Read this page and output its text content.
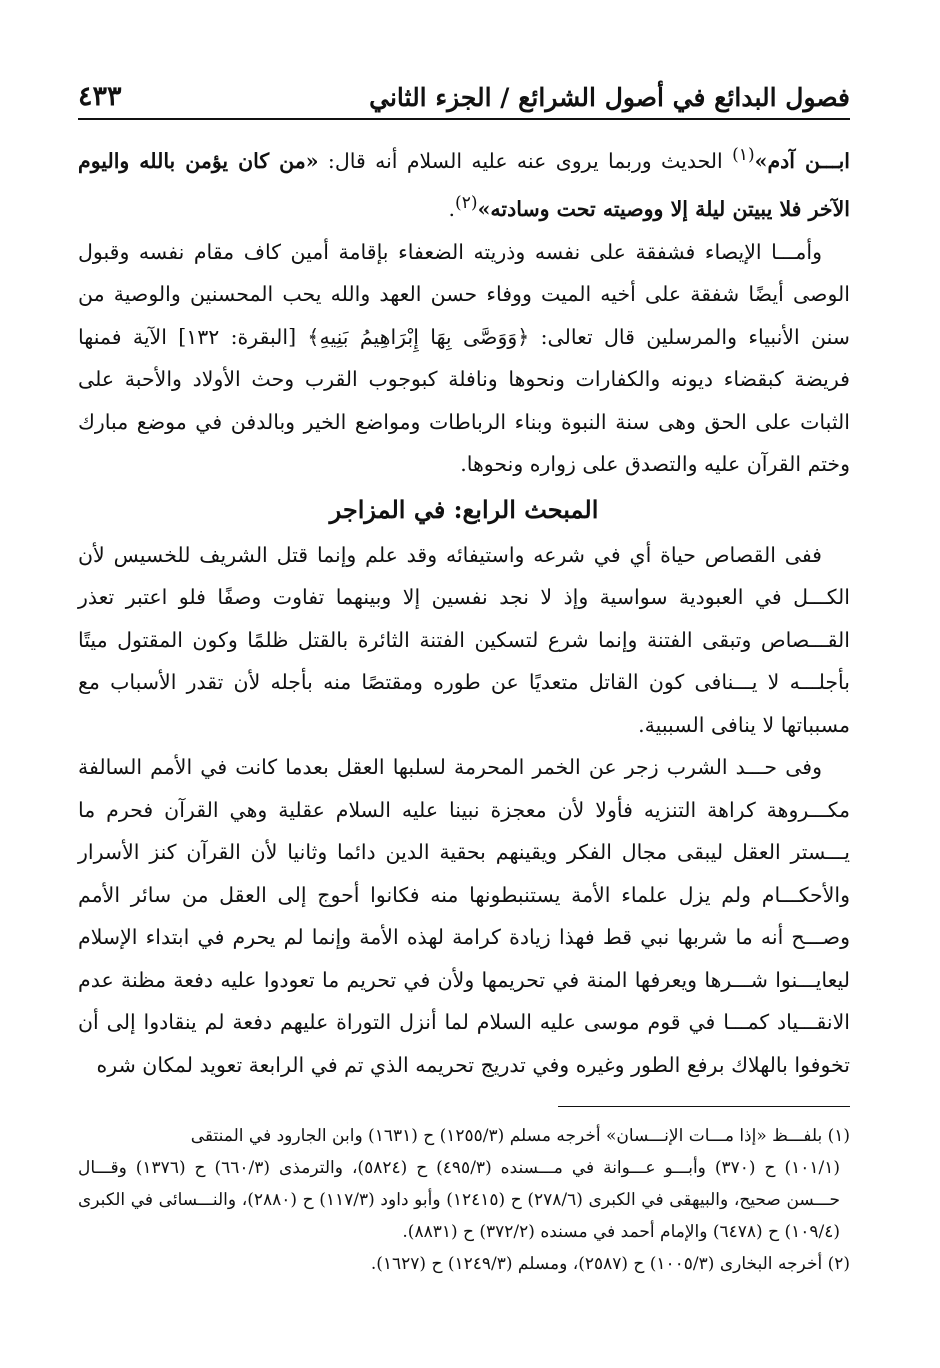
فصول البدائع في أصول الشرائع / الجزء الثاني
٤٣٣

ابـــن آدم»$^{(١)}$ الحديث وربما يروى عنه عليه السلام أنه قال: «من كان يؤمن بالله واليوم الآخر فلا يبيتن ليلة إلا ووصيته تحت وسادته»$^{(٢)}$.

وأمـــا الإيصاء فشفقة على نفسه وذريته الضعفاء بإقامة أمين كاف مقام نفسه وقبول الوصى أيضًا شفقة على أخيه الميت ووفاء حسن العهد والله يحب المحسنين والوصية من سنن الأنبياء والمرسلين قال تعالى: ﴿وَوَصَّى بِهَا إِبْرَاهِيمُ بَنِيهِ﴾ [البقرة: ١٣٢] الآية فمنها فريضة كبقضاء ديونه والكفارات ونحوها ونافلة كبوجوب القرب وحث الأولاد والأحبة على الثبات على الحق وهى سنة النبوة وبناء الرباطات ومواضع الخير وبالدفن في موضع مبارك وختم القرآن عليه والتصدق على زواره ونحوها.

المبحث الرابع: في المزاجر

ففى القصاص حياة أي في شرعه واستيفائه وقد علم وإنما قتل الشريف للخسيس لأن الكـــل في العبودية سواسية وإذ لا نجد نفسين إلا وبينهما تفاوت وصفًا فلو اعتبر تعذر القـــصاص وتبقى الفتنة وإنما شرع لتسكين الفتنة الثائرة بالقتل ظلمًا وكون المقتول ميتًا بأجلـــه لا يـــنافى كون القاتل متعديًا عن طوره ومقتصًا منه بأجله لأن تقدر الأسباب مع مسبباتها لا ينافى السببية.

وفى حـــد الشرب زجر عن الخمر المحرمة لسلبها العقل بعدما كانت في الأمم السالفة مكـــروهة كراهة التنزيه فأولا لأن معجزة نبينا عليه السلام عقلية وهي القرآن فحرم ما يـــستر العقل ليبقى مجال الفكر ويقينهم بحقية الدين دائما وثانيا لأن القرآن كنز الأسرار والأحكـــام ولم يزل علماء الأمة يستنبطونها منه فكانوا أحوج إلى العقل من سائر الأمم وصـــح أنه ما شربها نبي قط فهذا زيادة كرامة لهذه الأمة وإنما لم يحرم في ابتداء الإسلام ليعايـــنوا شـــرها ويعرفها المنة في تحريمها ولأن في تحريم ما تعودوا عليه دفعة مظنة عدم الانقـــياد كمـــا في قوم موسى عليه السلام لما أنزل التوراة عليهم دفعة لم ينقادوا إلى أن تخوفوا بالهلاك برفع الطور وغيره وفي تدريج تحريمه الذي تم في الرابعة تعويد لمكان شره

(١) بلفـــظ «إذا مـــات الإنـــسان» أخرجه مسلم (١٢٥٥/٣) ح (١٦٣١) وابن الجارود في المنتقى

(١٠١/١) ح (٣٧٠) وأبـــو عـــوانة في مـــسنده (٤٩٥/٣) ح (٥٨٢٤)، والترمذى (٦٦٠/٣) ح (١٣٧٦) وقـــال حـــسن صحيح، والبيهقى في الكبرى (٢٧٨/٦) ح (١٢٤١٥) وأبو داود (١١٧/٣) ح (٢٨٨٠)، والنـــسائى في الكبرى (١٠٩/٤) ح (٦٤٧٨) والإمام أحمد في مسنده (٣٧٢/٢) ح (٨٨٣١).

(٢) أخرجه البخارى (١٠٠٥/٣) ح (٢٥٨٧)، ومسلم (١٢٤٩/٣) ح (١٦٢٧).
